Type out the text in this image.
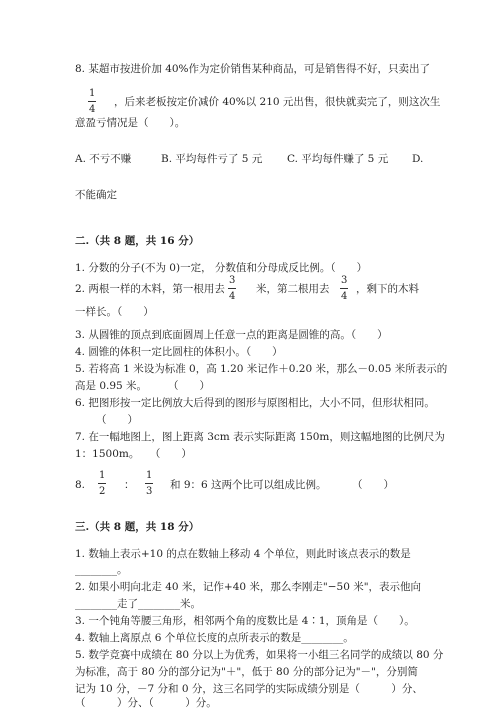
8. 某超市按进价加 40%作为定价销售某种商品，可是销售得不好，只卖出了
1
4
，后来老板按定价减价 40%以 210 元出售，很快就卖完了，则这次生
意盈亏情况是（　　）。
A. 不亏不赚	B. 平均每件亏了 5 元 C. 平均每件赚了 5 元 D.
不能确定
二.（共 8 题，共 16 分）
1. 分数的分子(不为 0)一定， 分数值和分母成反比例。（　　）
2. 两根一样的木料，第一根用去
3
4
米，第二根用去
3
4
，剩下的木料
一样长。（　　）
3. 从圆锥的顶点到底面圆周上任意一点的距离是圆锥的高。（　　）
4. 圆锥的体积一定比圆柱的体积小。（　　）
5. 若将高 1 米设为标准 0，高 1.20 米记作＋0.20 米，那么－0.05 米所表示的
高是 0.95 米。　　　（　　）
6. 把图形按一定比例放大后得到的图形与原图相比，大小不同，但形状相同。
（　　）
7. 在一幅地图上，图上距离 3cm 表示实际距离 150m，则这幅地图的比例尺为
1：1500m。　　（　　）
8.
1
2
：
1
3
和 9：6 这两个比可以组成比例。 （　　）
三.（共 8 题，共 18 分）
1. 数轴上表示+10 的点在数轴上移动 4 个单位，则此时该点表示的数是
________。
2. 如果小明向北走 40 米，记作+40 米，那么李刚走"−50 米"，表示他向
________走了________米。
3. 一个钝角等腰三角形，相邻两个角的度数比是 4∶1，顶角是（　　）。
4. 数轴上离原点 6 个单位长度的点所表示的数是________。
5. 数学竞赛中成绩在 80 分以上为优秀，如果将一小组三名同学的成绩以 80 分
为标准，高于 80 分的部分记为"＋"，低于 80 分的部分记为"－"，分别简
记为 10 分，－7 分和 0 分，这三名同学的实际成绩分别是（　　　）分、
（　　　）分、（　　　）分。
